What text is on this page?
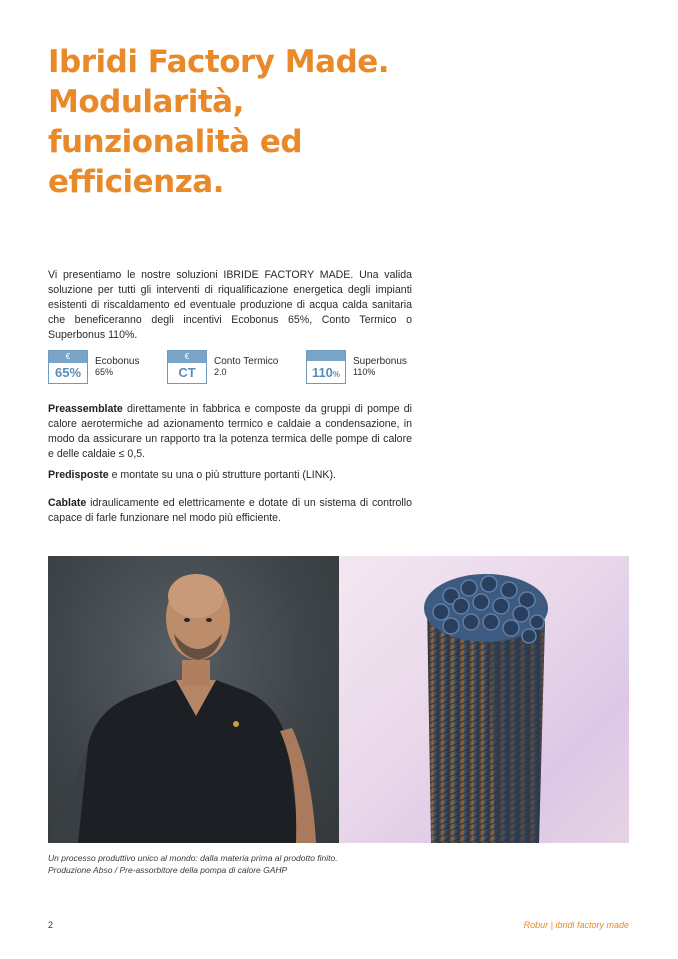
Ibridi Factory Made.
Modularità,
funzionalità ed
efficienza.

Vi presentiamo le nostre soluzioni IBRIDE FACTORY MADE. Una valida soluzione per tutti gli interventi di riqualificazione energetica degli impianti esistenti di riscaldamento ed eventuale produzione di acqua calda sanitaria che beneficeranno degli incentivi Ecobonus 65%, Conto Termico o Superbonus 110%.

€
65%
Ecobonus
65%
€
CT
Conto Termico
2.0	110%
Superbonus
110%

Preassemblate direttamente in fabbrica e composte da gruppi di pompe di calore aerotermiche ad azionamento termico e caldaie a condensazione, in modo da assicurare un rapporto tra la potenza termica delle pompe di calore e delle caldaie ≤ 0,5.

Predisposte e montate su una o più strutture portanti (LINK).

Cablate idraulicamente ed elettricamente e dotate di un sistema di controllo capace di farle funzionare nel modo più efficiente.

Un processo produttivo unico al mondo: dalla materia prima al prodotto finito.
Produzione Abso / Pre-assorbitore della pompa di calore GAHP

2	Robur | ibridi factory made
